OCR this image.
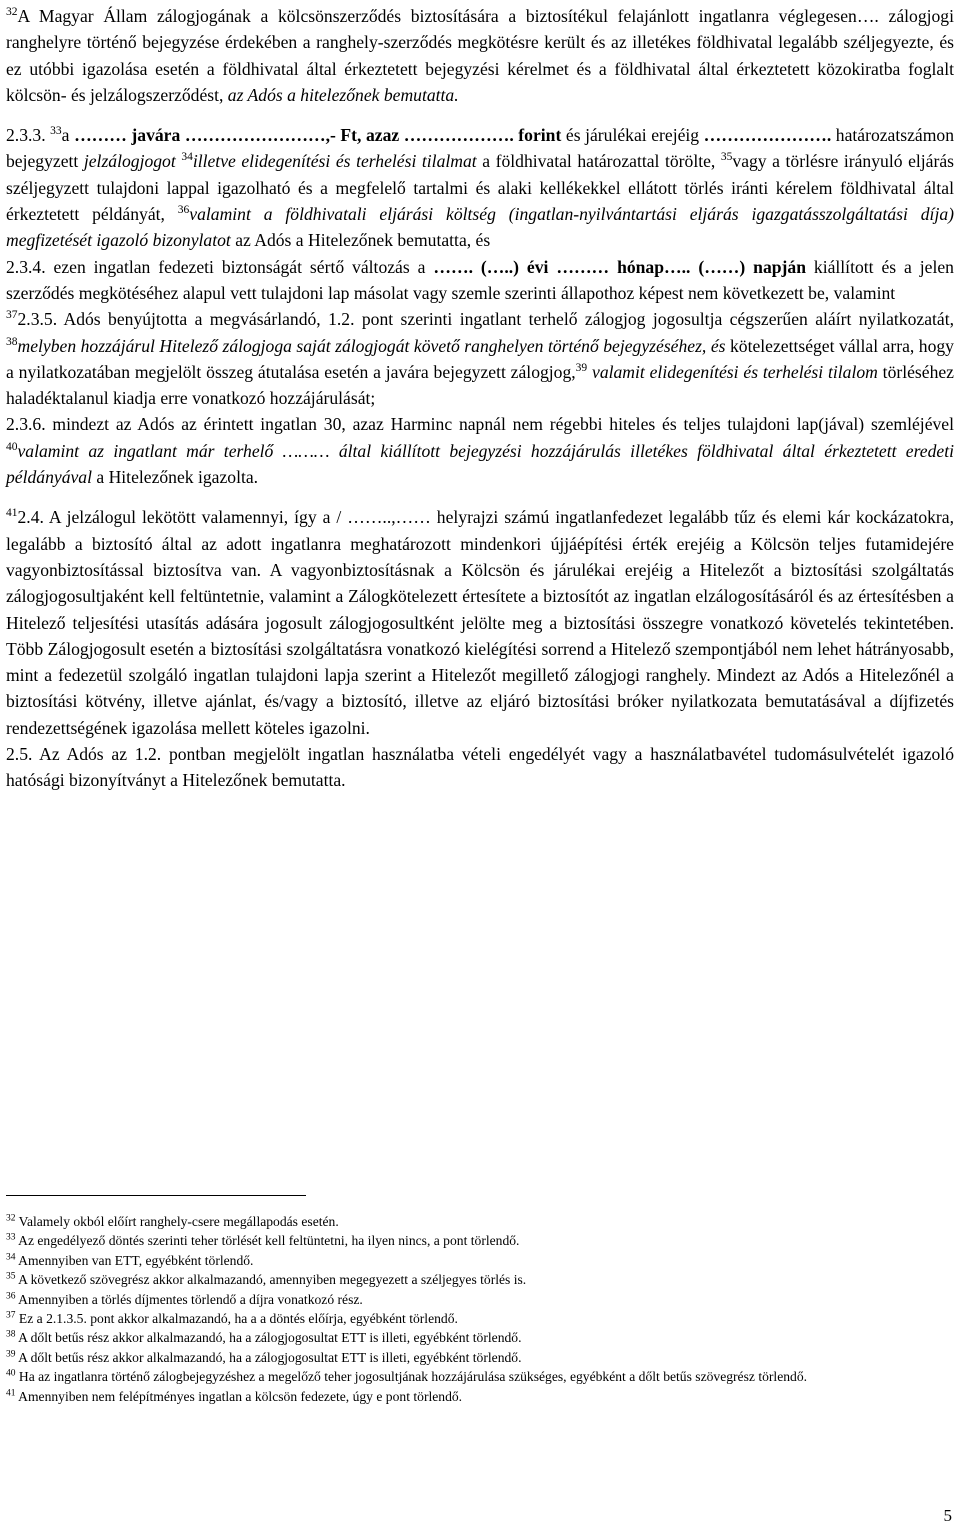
$^{32}$A Magyar Állam zálogjogának a kölcsönszerződés biztosítására a biztosítékul felajánlott ingatlanra véglegesen…. zálogjogi ranghelyre történő bejegyzése érdekében a ranghely-szerződés megkötésre került és az illetékes földhivatal legalább széljegyezte, és ez utóbbi igazolása esetén a földhivatal által érkeztetett bejegyzési kérelmet és a földhivatal által érkeztetett közokiratba foglalt kölcsön- és jelzálogszerződést, az Adós a hitelezőnek bemutatta.

2.3.3. $^{33}$a ……… javára ……………………,- Ft, azaz ………………. forint és járulékai erejéig …………………. határozatszámon bejegyzett jelzálogjogot $^{34}$illetve elidegenítési és terhelési tilalmat a földhivatal határozattal törölte, $^{35}$vagy a törlésre irányuló eljárás széljegyzett tulajdoni lappal igazolható és a megfelelő tartalmi és alaki kellékekkel ellátott törlés iránti kérelem földhivatal által érkeztetett példányát, $^{36}$valamint a földhivatali eljárási költség (ingatlan-nyilvántartási eljárás igazgatásszolgáltatási díja) megfizetését igazoló bizonylatot az Adós a Hitelezőnek bemutatta, és

2.3.4. ezen ingatlan fedezeti biztonságát sértő változás a ……. (…..) évi ……… hónap….. (……) napján kiállított és a jelen szerződés megkötéséhez alapul vett tulajdoni lap másolat vagy szemle szerinti állapothoz képest nem következett be, valamint

$^{37}$2.3.5. Adós benyújtotta a megvásárlandó, 1.2. pont szerinti ingatlant terhelő zálogjog jogosultja cégszerűen aláírt nyilatkozatát, $^{38}$melyben hozzájárul Hitelező zálogjoga saját zálogjogát követő ranghelyen történő bejegyzéséhez, és kötelezettséget vállal arra, hogy a nyilatkozatában megjelölt összeg átutalása esetén a javára bejegyzett zálogjog,$^{39}$ valamit elidegenítési és terhelési tilalom törléséhez haladéktalanul kiadja erre vonatkozó hozzájárulását;

2.3.6. mindezt az Adós az érintett ingatlan 30, azaz Harminc napnál nem régebbi hiteles és teljes tulajdoni lap(jával) szemléjével $^{40}$valamint az ingatlant már terhelő ……… által kiállított bejegyzési hozzájárulás illetékes földhivatal által érkeztetett eredeti példányával a Hitelezőnek igazolta.

$^{41}$2.4. A jelzálogul lekötött valamennyi, így a / ……..,…… helyrajzi számú ingatlanfedezet legalább tűz és elemi kár kockázatokra, legalább a biztosító által az adott ingatlanra meghatározott mindenkori újjáépítési érték erejéig a Kölcsön teljes futamidejére vagyonbiztosítással biztosítva van. A vagyonbiztosításnak a Kölcsön és járulékai erejéig a Hitelezőt a biztosítási szolgáltatás zálogjogosultjaként kell feltüntetnie, valamint a Zálogkötelezett értesítete a biztosítót az ingatlan elzálogosításáról és az értesítésben a Hitelező teljesítési utasítás adására jogosult zálogjogosultként jelölte meg a biztosítási összegre vonatkozó követelés tekintetében. Több Zálogjogosult esetén a biztosítási szolgáltatásra vonatkozó kielégítési sorrend a Hitelező szempontjából nem lehet hátrányosabb, mint a fedezetül szolgáló ingatlan tulajdoni lapja szerint a Hitelezőt megillető zálogjogi ranghely. Mindezt az Adós a Hitelezőnél a biztosítási kötvény, illetve ajánlat, és/vagy a biztosító, illetve az eljáró biztosítási bróker nyilatkozata bemutatásával a díjfizetés rendezettségének igazolása mellett köteles igazolni.

2.5. Az Adós az 1.2. pontban megjelölt ingatlan használatba vételi engedélyét vagy a használatbavétel tudomásulvételét igazoló hatósági bizonyítványt a Hitelezőnek bemutatta.

$^{32}$ Valamely okból előírt ranghely-csere megállapodás esetén.

$^{33}$ Az engedélyező döntés szerinti teher törlését kell feltüntetni, ha ilyen nincs, a pont törlendő.

$^{34}$ Amennyiben van ETT, egyébként törlendő.

$^{35}$ A következő szövegrész akkor alkalmazandó, amennyiben megegyezett a széljegyes törlés is.

$^{36}$ Amennyiben a törlés díjmentes törlendő a díjra vonatkozó rész.

$^{37}$ Ez a 2.1.3.5. pont akkor alkalmazandó, ha a a döntés előírja, egyébként törlendő.

$^{38}$ A dőlt betűs rész akkor alkalmazandó, ha a zálogjogosultat ETT is illeti, egyébként törlendő.

$^{39}$ A dőlt betűs rész akkor alkalmazandó, ha a zálogjogosultat ETT is illeti, egyébként törlendő.

$^{40}$ Ha az ingatlanra történő zálogbejegyzéshez a megelőző teher jogosultjának hozzájárulása szükséges, egyébként a dőlt betűs szövegrész törlendő.

$^{41}$ Amennyiben nem felépítményes ingatlan a kölcsön fedezete, úgy e pont törlendő.

5
